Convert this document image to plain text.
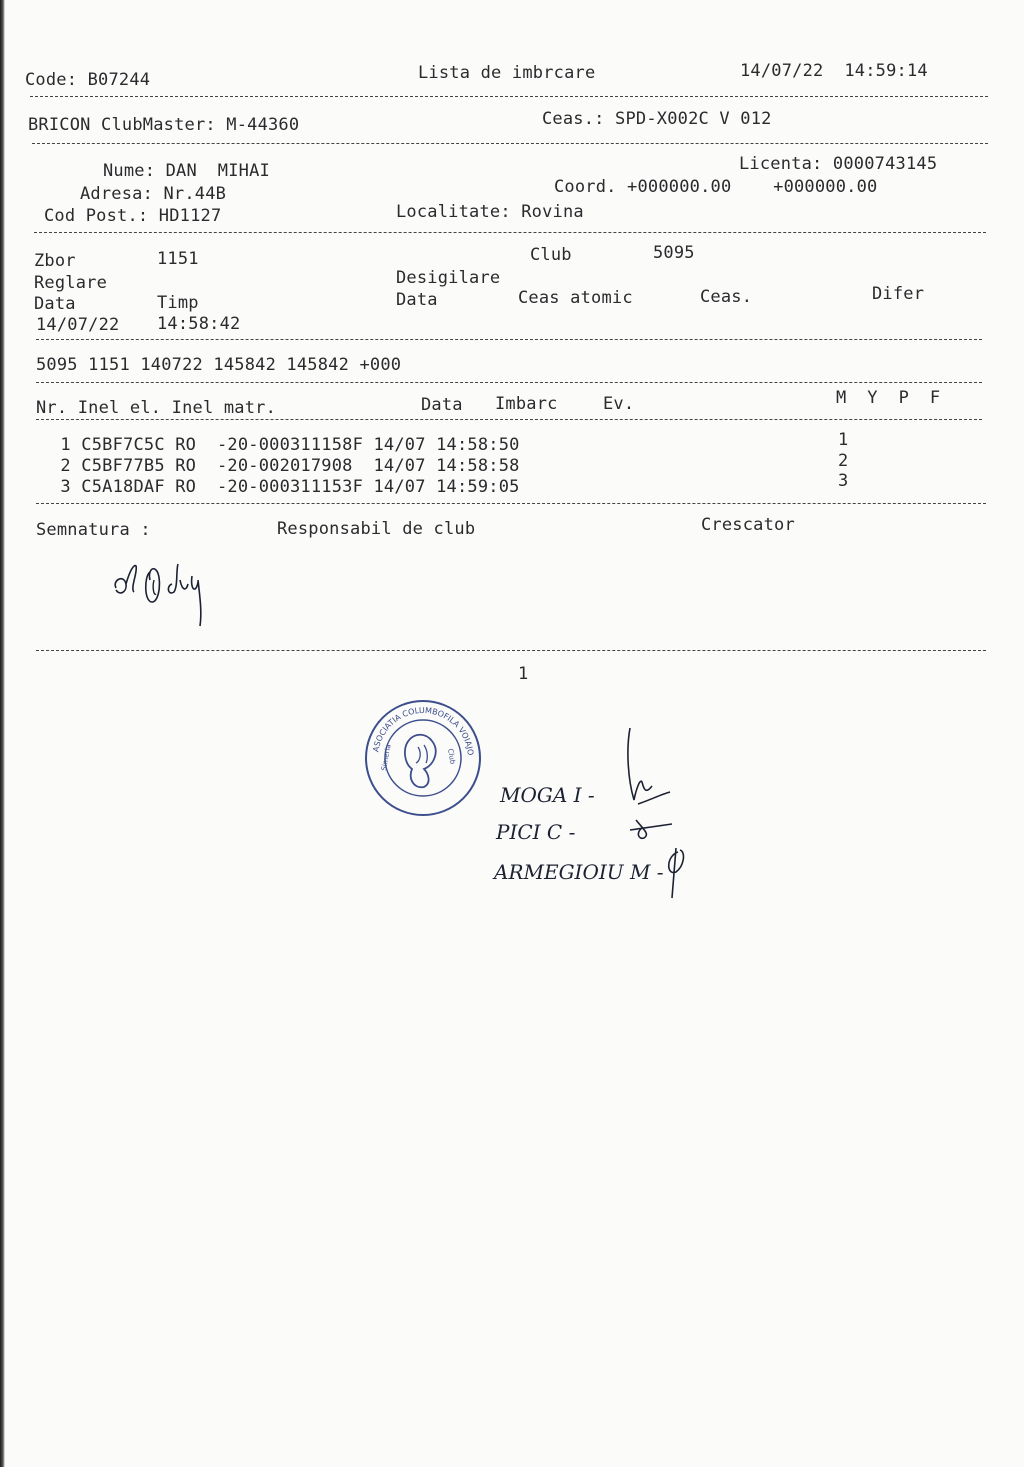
Code: B07244	Lista de imbrcare	14/07/22  14:59:14
BRICON ClubMaster: M-44360	Ceas.: SPD-X002C V 012
Nume: DAN  MIHAI	Licenta: 0000743145
Adresa: Nr.44B	Coord. +000000.00    +000000.00
Cod Post.: HD1127	Localitate: Rovina
Zbor	1151	Club	5095
Reglare	Desigilare
Data	Timp	Data	Ceas atomic	Ceas.	Difer
14/07/22 14:58:42
5095 1151 140722 145842 145842 +000
Nr. Inel el. Inel matr.	Data Imbarc	Ev.	M  Y  P  F
1 C5BF7C5C RO  -20-000311158F 14/07 14:58:50	1
2 C5BF77B5 RO  -20-002017908  14/07 14:58:58	2
3 C5A18DAF RO  -20-000311153F 14/07 14:59:05	3
Semnatura :	Responsabil de club	Crescator
1
ASOCIATIA COLUMBOFILA VOIAJORUL HUNEDOREAN
Simeria	Club
MOGA I -
PICI C -
ARMEGIOIU M -
